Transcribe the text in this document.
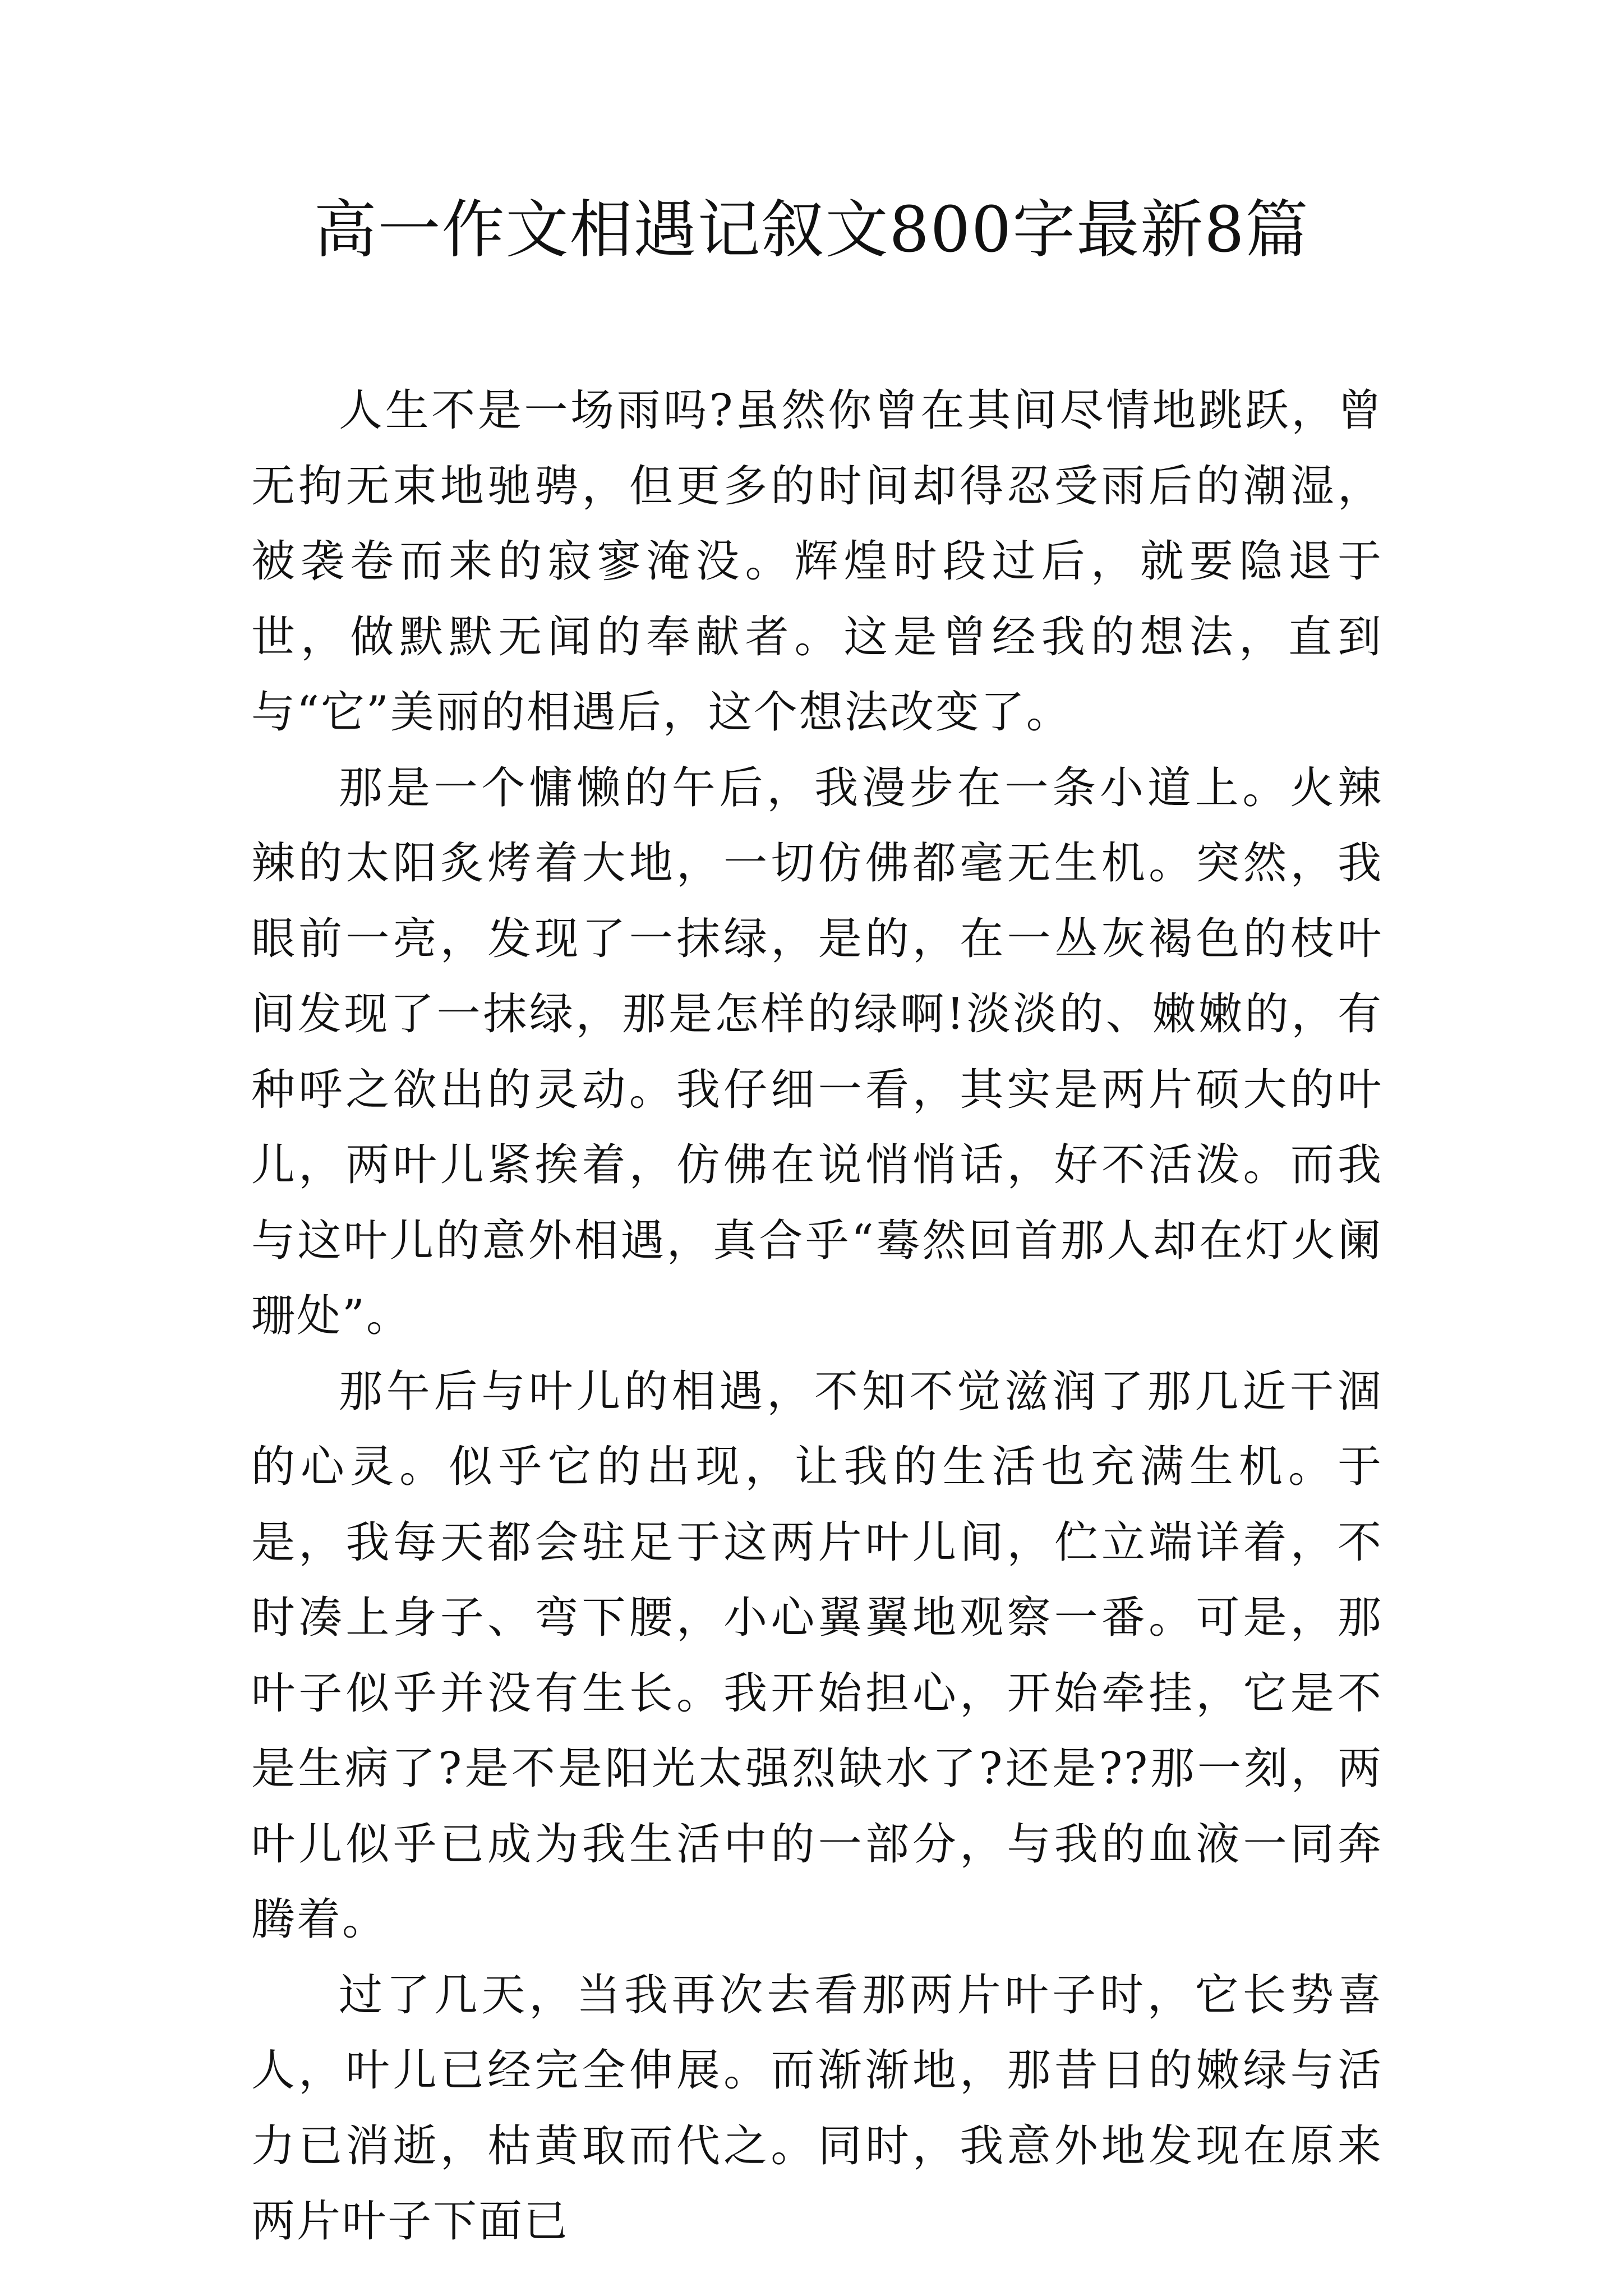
高一作文相遇记叙文800字最新8篇

人生不是一场雨吗?虽然你曾在其间尽情地跳跃，曾无拘无束地驰骋，但更多的时间却得忍受雨后的潮湿，被袭卷而来的寂寥淹没。辉煌时段过后，就要隐退于世，做默默无闻的奉献者。这是曾经我的想法，直到与“它”美丽的相遇后，这个想法改变了。

那是一个慵懒的午后，我漫步在一条小道上。火辣辣的太阳炙烤着大地，一切仿佛都毫无生机。突然，我眼前一亮，发现了一抹绿，是的，在一丛灰褐色的枝叶间发现了一抹绿，那是怎样的绿啊!淡淡的、嫩嫩的，有种呼之欲出的灵动。我仔细一看，其实是两片硕大的叶儿，两叶儿紧挨着，仿佛在说悄悄话，好不活泼。而我与这叶儿的意外相遇，真合乎“蓦然回首那人却在灯火阑珊处”。

那午后与叶儿的相遇，不知不觉滋润了那几近干涸的心灵。似乎它的出现，让我的生活也充满生机。于是，我每天都会驻足于这两片叶儿间，伫立端详着，不时凑上身子、弯下腰，小心翼翼地观察一番。可是，那叶子似乎并没有生长。我开始担心，开始牵挂，它是不是生病了?是不是阳光太强烈缺水了?还是??那一刻，两叶儿似乎已成为我生活中的一部分，与我的血液一同奔腾着。

过了几天，当我再次去看那两片叶子时，它长势喜人，叶儿已经完全伸展。而渐渐地，那昔日的嫩绿与活力已消逝，枯黄取而代之。同时，我意外地发现在原来两片叶子下面已
